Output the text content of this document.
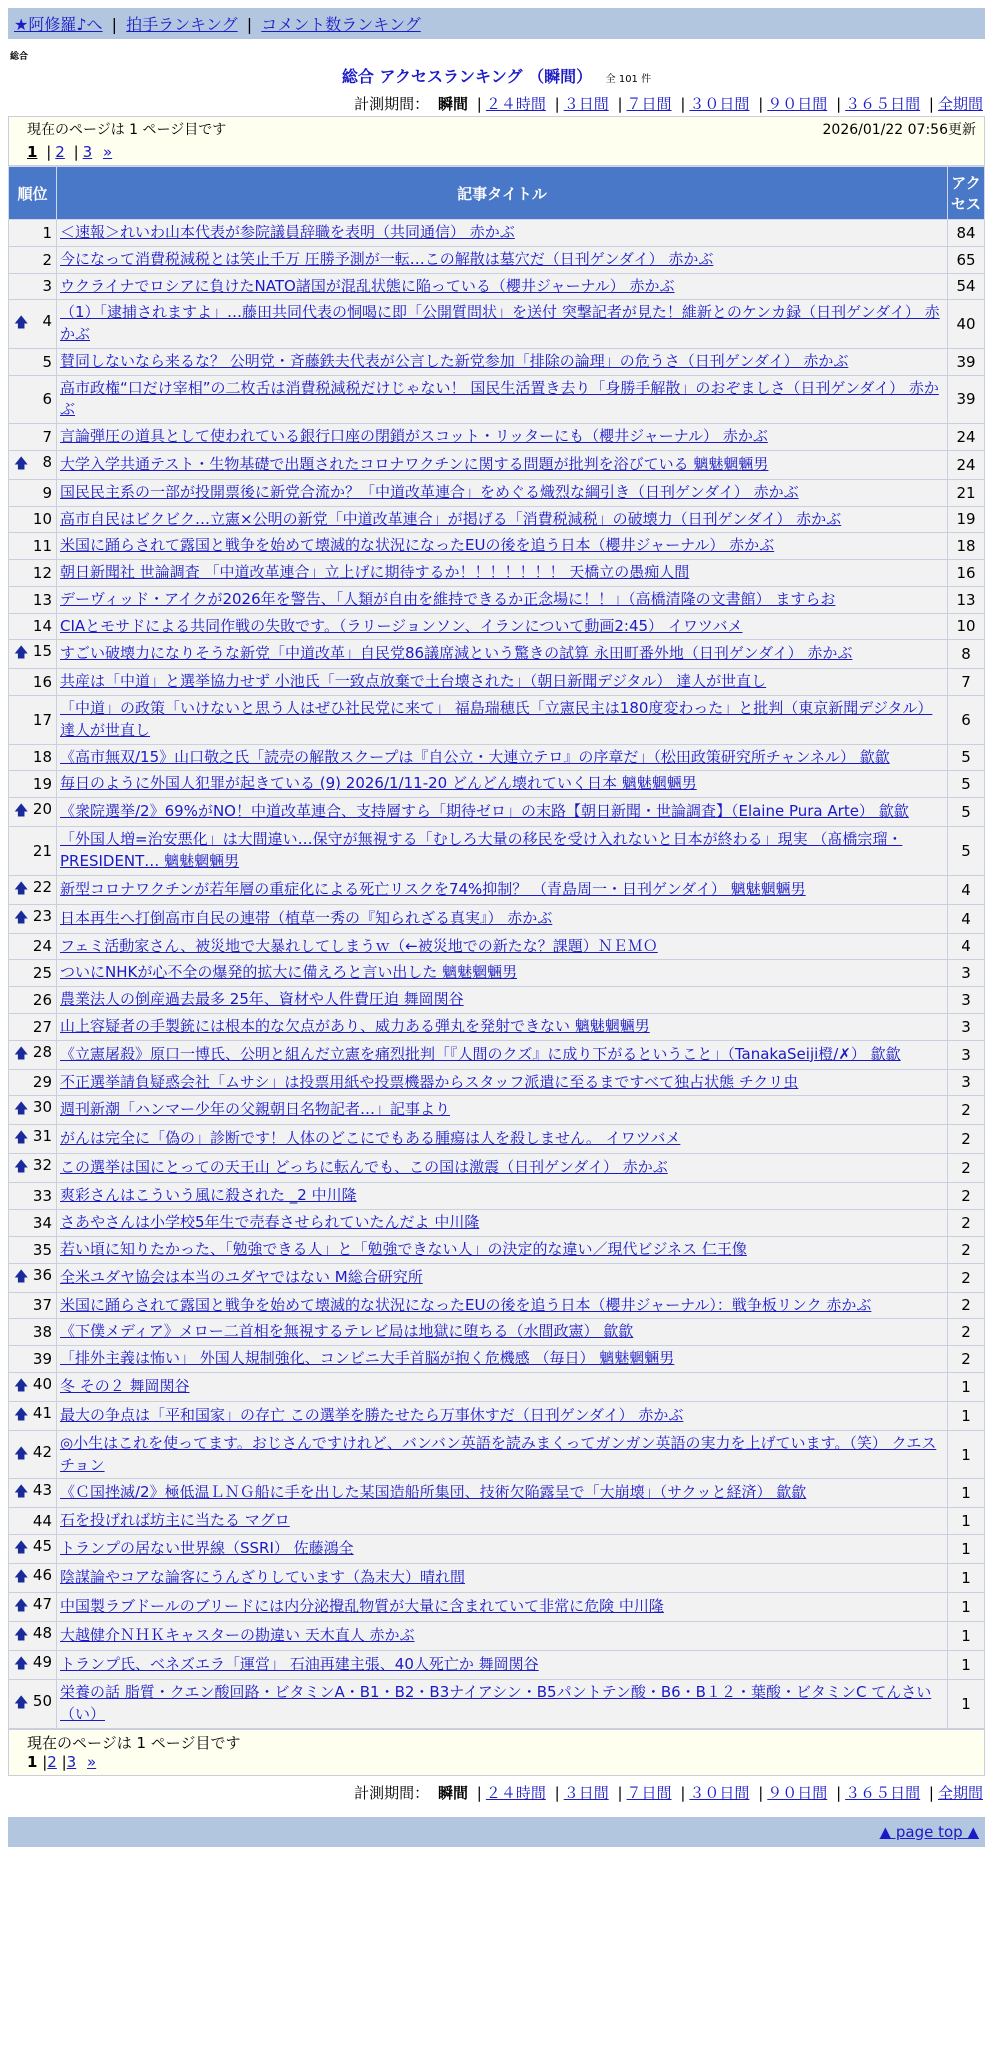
★阿修羅♪へ | 拍手ランキング | コメント数ランキング
総合
総合 アクセスランキング （瞬間） 全 101 件
計測期間： 瞬間 | ２４時間 | ３日間 | ７日間 | ３０日間 | ９０日間 | ３６５日間 | 全期間
現在のページは 1 ページ目です	2026/01/22 07:56更新
1 | 2 | 3 »
順位	記事タイトル	アクセス
1	＜速報＞れいわ山本代表が参院議員辞職を表明（共同通信） 赤かぶ	84
2	今になって消費税減税とは笑止千万 圧勝予測が一転…この解散は墓穴だ（日刊ゲンダイ） 赤かぶ	65
3	ウクライナでロシアに負けたNATO諸国が混乱状態に陥っている（櫻井ジャーナル） 赤かぶ	54

🡅 4	（1）「逮捕されますよ」…藤田共同代表の恫喝に即「公開質問状」を送付 突撃記者が見た！維新とのケンカ録（日刊ゲンダイ） 赤かぶ	40
5	賛同しないなら来るな？ 公明党・斉藤鉄夫代表が公言した新党参加「排除の論理」の危うさ（日刊ゲンダイ） 赤かぶ	39
6	高市政権“口だけ宰相”の二枚舌は消費税減税だけじゃない！ 国民生活置き去り「身勝手解散」のおぞましさ（日刊ゲンダイ） 赤かぶ	39
7	言論弾圧の道具として使われている銀行口座の閉鎖がスコット・リッターにも（櫻井ジャーナル） 赤かぶ	24

🡅 8	大学入学共通テスト・生物基礎で出題されたコロナワクチンに関する問題が批判を浴びている 魑魅魍魎男	24
9	国民民主系の一部が投開票後に新党合流か？「中道改革連合」をめぐる熾烈な綱引き（日刊ゲンダイ） 赤かぶ	21
10	高市自民はビクビク…立憲×公明の新党「中道改革連合」が掲げる「消費税減税」の破壊力（日刊ゲンダイ） 赤かぶ	19
11	米国に踊らされて露国と戦争を始めて壊滅的な状況になったEUの後を追う日本（櫻井ジャーナル） 赤かぶ	18
12	朝日新聞社 世論調査 「中道改革連合」立上げに期待するか！！！！！！！ 天橋立の愚痴人間	16
13	デーヴィッド・アイクが2026年を警告、「人類が自由を維持できるか正念場に！！」（高橋清隆の文書館） ますらお	13
14	CIAとモサドによる共同作戦の失敗です。（ラリージョンソン、イランについて動画2:45） イワツバメ	10

🡅 15	すごい破壊力になりそうな新党「中道改革」自民党86議席減という驚きの試算 永田町番外地（日刊ゲンダイ） 赤かぶ	8
16	共産は「中道」と選挙協力せず 小池氏「一致点放棄で土台壊された」（朝日新聞デジタル） 達人が世直し	7
17	「中道」の政策「いけないと思う人はぜひ社民党に来て」 福島瑞穂氏「立憲民主は180度変わった」と批判（東京新聞デジタル） 達人が世直し	6
18	《高市無双/15》山口敬之氏「読売の解散スクープは『自公立・大連立テロ』の序章だ」（松田政策研究所チャンネル） 歙歙	5
19	毎日のように外国人犯罪が起きている (9) 2026/1/11-20 どんどん壊れていく日本 魑魅魍魎男	5

🡅 20	《衆院選挙/2》69%がNO！中道改革連合、支持層すら「期待ゼロ」の末路【朝日新聞・世論調査】（Elaine Pura Arte） 歙歙	5
21	「外国人増=治安悪化」は大間違い…保守が無視する「むしろ大量の移民を受け入れないと日本が終わる」現実 （髙橋宗瑠・PRESIDENT… 魑魅魍魎男	5

🡅 22	新型コロナワクチンが若年層の重症化による死亡リスクを74%抑制？ （青島周一・日刊ゲンダイ） 魑魅魍魎男	4

🡅 23	日本再生へ打倒高市自民の連帯（植草一秀の『知られざる真実』） 赤かぶ	4
24	フェミ活動家さん、被災地で大暴れしてしまうｗ（←被災地での新たな？課題）ＮＥＭＯ	4
25	ついにNHKが心不全の爆発的拡大に備えろと言い出した 魑魅魍魎男	3
26	農業法人の倒産過去最多 25年、資材や人件費圧迫 舞岡関谷	3
27	山上容疑者の手製銃には根本的な欠点があり、威力ある弾丸を発射できない 魑魅魍魎男	3

🡅 28	《立憲屠殺》原口一博氏、公明と組んだ立憲を痛烈批判「『人間のクズ』に成り下がるということ」（TanakaSeiji橙/✗） 歙歙	3
29	不正選挙請負疑惑会社「ムサシ」は投票用紙や投票機器からスタッフ派遣に至るまですべて独占状態 チクリ虫	3

🡅 30	週刊新潮「ハンマー少年の父親朝日名物記者…」記事より	2

🡅 31	がんは完全に「偽の」診断です！人体のどこにでもある腫瘍は人を殺しません。 イワツバメ	2

🡅 32	この選挙は国にとっての天王山 どっちに転んでも、この国は激震（日刊ゲンダイ） 赤かぶ	2
33	爽彩さんはこういう風に殺された _2 中川隆	2
34	さあやさんは小学校5年生で売春させられていたんだよ 中川隆	2
35	若い頃に知りたかった、「勉強できる人」と「勉強できない人」の決定的な違い／現代ビジネス 仁王像	2

🡅 36	全米ユダヤ協会は本当のユダヤではない M総合研究所	2
37	米国に踊らされて露国と戦争を始めて壊滅的な状況になったEUの後を追う日本（櫻井ジャーナル）：戦争板リンク 赤かぶ	2
38	《下僕メディア》メロー二首相を無視するテレビ局は地獄に堕ちる（水間政憲） 歙歙	2
39	「排外主義は怖い」 外国人規制強化、コンビニ大手首脳が抱く危機感 （毎日） 魑魅魍魎男	2

🡅 40	冬 その２ 舞岡関谷	1

🡅 41	最大の争点は「平和国家」の存亡 この選挙を勝たせたら万事休すだ（日刊ゲンダイ） 赤かぶ	1

🡅 42	◎小生はこれを使ってます。おじさんですけれど、バンバン英語を読みまくってガンガン英語の実力を上げています。（笑） クエスチョン	1

🡅 43	《Ｃ国挫滅/2》極低温ＬＮＧ船に手を出した某国造船所集団、技術欠陥露呈で「大崩壊」（サクッと経済） 歙歙	1
44	石を投げれば坊主に当たる マグロ	1

🡅 45	トランプの居ない世界線（SSRI） 佐藤鴻全	1

🡅 46	陰謀論やコアな論客にうんざりしています（為末大）晴れ間	1

🡅 47	中国製ラブドールのブリードには内分泌攪乱物質が大量に含まれていて非常に危険 中川隆	1

🡅 48	大越健介ＮＨＫキャスターの勘違い 天木直人 赤かぶ	1

🡅 49	トランプ氏、ベネズエラ「運営」 石油再建主張、40人死亡か 舞岡関谷	1

🡅 50	栄養の話 脂質・クエン酸回路・ビタミンA・B1・B2・B3ナイアシン・B5パントテン酸・B6・B１２・葉酸・ビタミンC てんさい（い）	1
現在のページは 1 ページ目です
1 |2 |3 »
計測期間： 瞬間 | ２４時間 | ３日間 | ７日間 | ３０日間 | ９０日間 | ３６５日間 | 全期間
▲ page top ▲
